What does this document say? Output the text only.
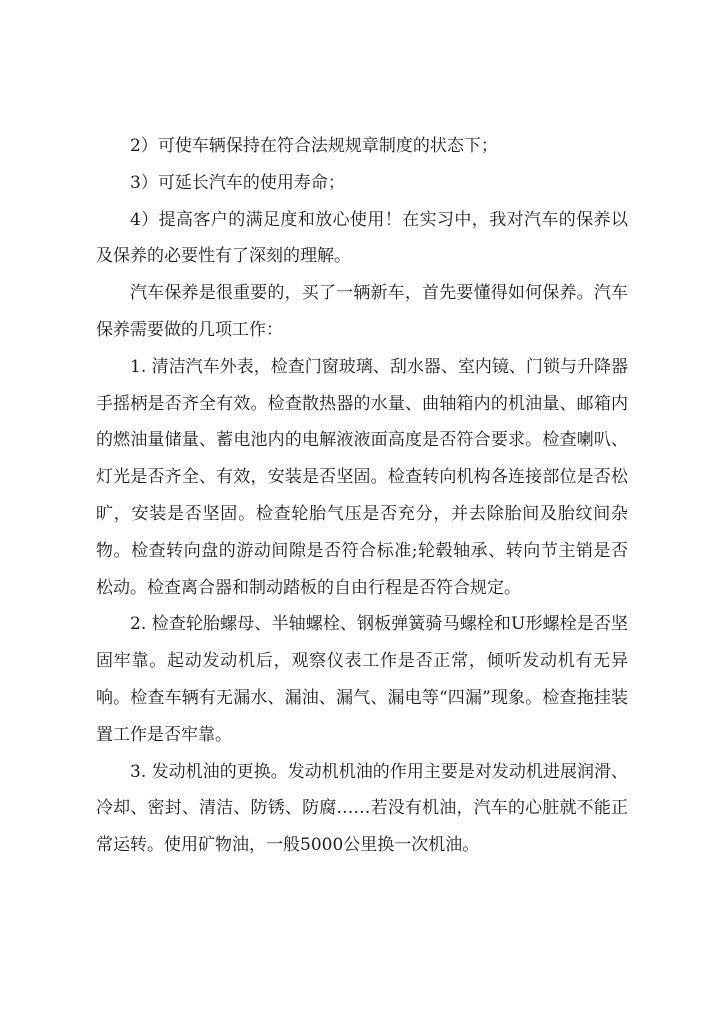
2）可使车辆保持在符合法规规章制度的状态下；

3）可延长汽车的使用寿命；

4）提高客户的满足度和放心使用！在实习中，我对汽车的保养以及保养的必要性有了深刻的理解。

汽车保养是很重要的，买了一辆新车，首先要懂得如何保养。汽车保养需要做的几项工作：

1. 清洁汽车外表，检查门窗玻璃、刮水器、室内镜、门锁与升降器手摇柄是否齐全有效。检查散热器的水量、曲轴箱内的机油量、邮箱内的燃油量储量、蓄电池内的电解液液面高度是否符合要求。检查喇叭、灯光是否齐全、有效，安装是否坚固。检查转向机构各连接部位是否松旷，安装是否坚固。检查轮胎气压是否充分，并去除胎间及胎纹间杂物。检查转向盘的游动间隙是否符合标准;轮毂轴承、转向节主销是否松动。检查离合器和制动踏板的自由行程是否符合规定。

2. 检查轮胎螺母、半轴螺栓、钢板弹簧骑马螺栓和U形螺栓是否坚固牢靠。起动发动机后，观察仪表工作是否正常，倾听发动机有无异响。检查车辆有无漏水、漏油、漏气、漏电等“四漏”现象。检查拖挂装置工作是否牢靠。

3. 发动机油的更换。发动机机油的作用主要是对发动机进展润滑、冷却、密封、清洁、防锈、防腐……若没有机油，汽车的心脏就不能正常运转。使用矿物油，一般5000公里换一次机油。
